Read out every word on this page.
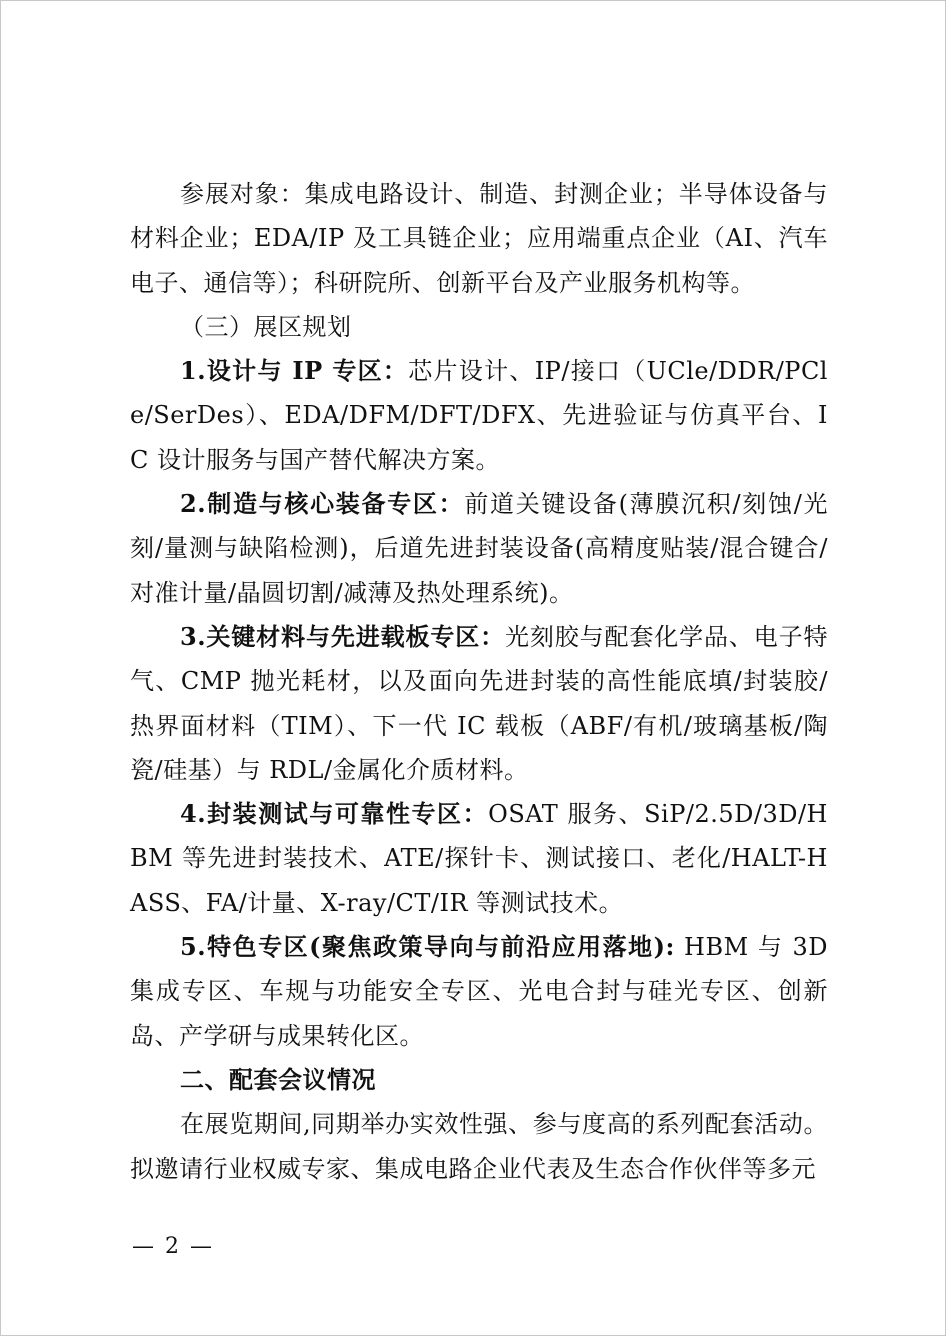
参展对象：集成电路设计、制造、封测企业；半导体设备与材料企业；EDA/IP 及工具链企业；应用端重点企业（AI、汽车电子、通信等）；科研院所、创新平台及产业服务机构等。

（三）展区规划

1.设计与 IP 专区：芯片设计、IP/接口（UCle/DDR/PCle/SerDes）、EDA/DFM/DFT/DFX、先进验证与仿真平台、IC 设计服务与国产替代解决方案。

2.制造与核心装备专区：前道关键设备(薄膜沉积/刻蚀/光刻/量测与缺陷检测)，后道先进封装设备(高精度贴装/混合键合/对准计量/晶圆切割/减薄及热处理系统)。

3.关键材料与先进载板专区：光刻胶与配套化学品、电子特气、CMP 抛光耗材，以及面向先进封装的高性能底填/封装胶/热界面材料（TIM）、下一代 IC 载板（ABF/有机/玻璃基板/陶瓷/硅基）与 RDL/金属化介质材料。

4.封装测试与可靠性专区：OSAT 服务、SiP/2.5D/3D/HBM 等先进封装技术、ATE/探针卡、测试接口、老化/HALT-HASS、FA/计量、X-ray/CT/IR 等测试技术。

5.特色专区(聚焦政策导向与前沿应用落地): HBM 与 3D 集成专区、车规与功能安全专区、光电合封与硅光专区、创新岛、产学研与成果转化区。

二、配套会议情况

在展览期间,同期举办实效性强、参与度高的系列配套活动。拟邀请行业权威专家、集成电路企业代表及生态合作伙伴等多元

— 2 —
